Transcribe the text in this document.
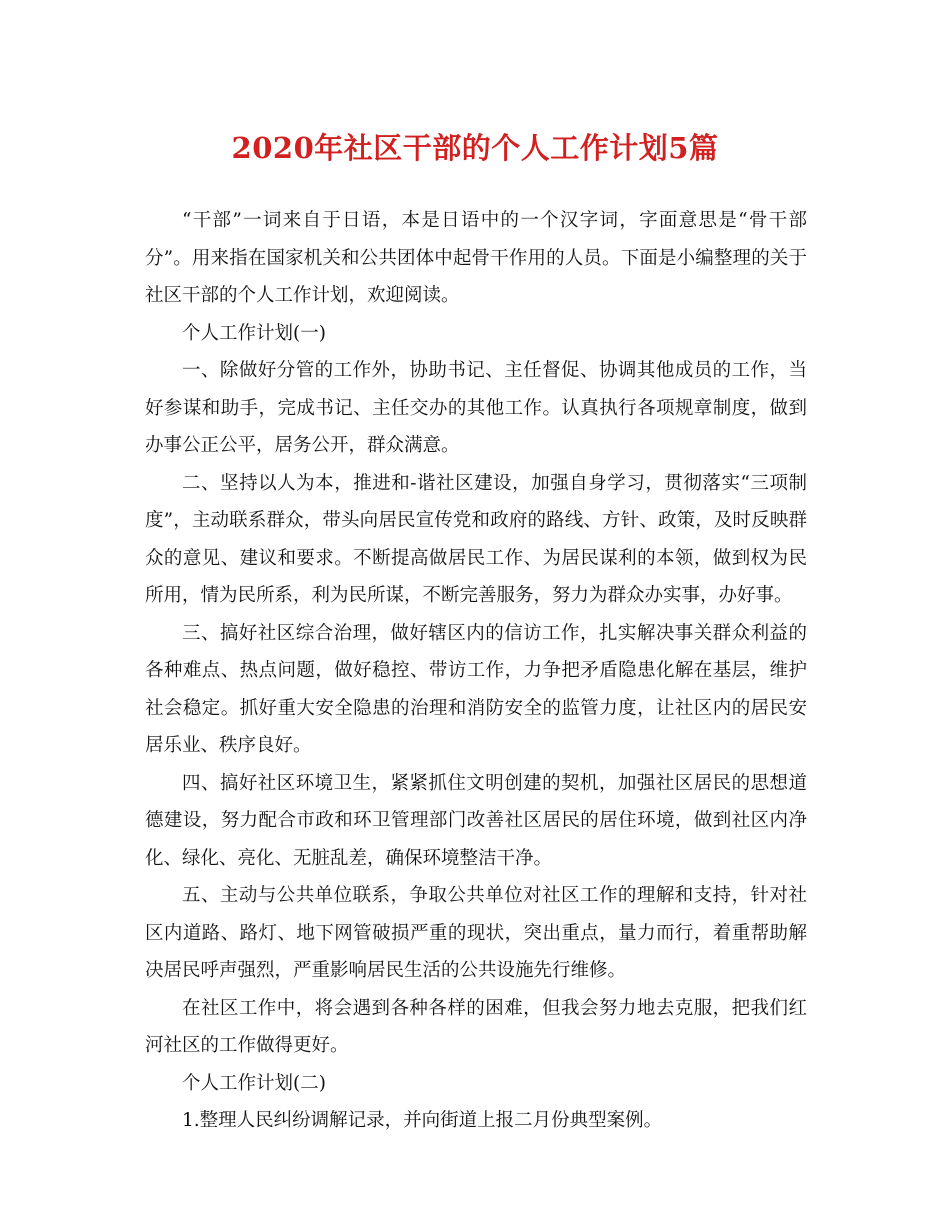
2020年社区干部的个人工作计划5篇

“干部”一词来自于日语，本是日语中的一个汉字词，字面意思是“骨干部分”。用来指在国家机关和公共团体中起骨干作用的人员。下面是小编整理的关于社区干部的个人工作计划，欢迎阅读。

个人工作计划(一)

一、除做好分管的工作外，协助书记、主任督促、协调其他成员的工作，当好参谋和助手，完成书记、主任交办的其他工作。认真执行各项规章制度，做到办事公正公平，居务公开，群众满意。

二、坚持以人为本，推进和-谐社区建设，加强自身学习，贯彻落实“三项制度”，主动联系群众，带头向居民宣传党和政府的路线、方针、政策，及时反映群众的意见、建议和要求。不断提高做居民工作、为居民谋利的本领，做到权为民所用，情为民所系，利为民所谋，不断完善服务，努力为群众办实事，办好事。

三、搞好社区综合治理，做好辖区内的信访工作，扎实解决事关群众利益的各种难点、热点问题，做好稳控、带访工作，力争把矛盾隐患化解在基层，维护社会稳定。抓好重大安全隐患的治理和消防安全的监管力度，让社区内的居民安居乐业、秩序良好。

四、搞好社区环境卫生，紧紧抓住文明创建的契机，加强社区居民的思想道德建设，努力配合市政和环卫管理部门改善社区居民的居住环境，做到社区内净化、绿化、亮化、无脏乱差，确保环境整洁干净。

五、主动与公共单位联系，争取公共单位对社区工作的理解和支持，针对社区内道路、路灯、地下网管破损严重的现状，突出重点，量力而行，着重帮助解决居民呼声强烈，严重影响居民生活的公共设施先行维修。

在社区工作中，将会遇到各种各样的困难，但我会努力地去克服，把我们红河社区的工作做得更好。

个人工作计划(二)

1.整理人民纠纷调解记录，并向街道上报二月份典型案例。
